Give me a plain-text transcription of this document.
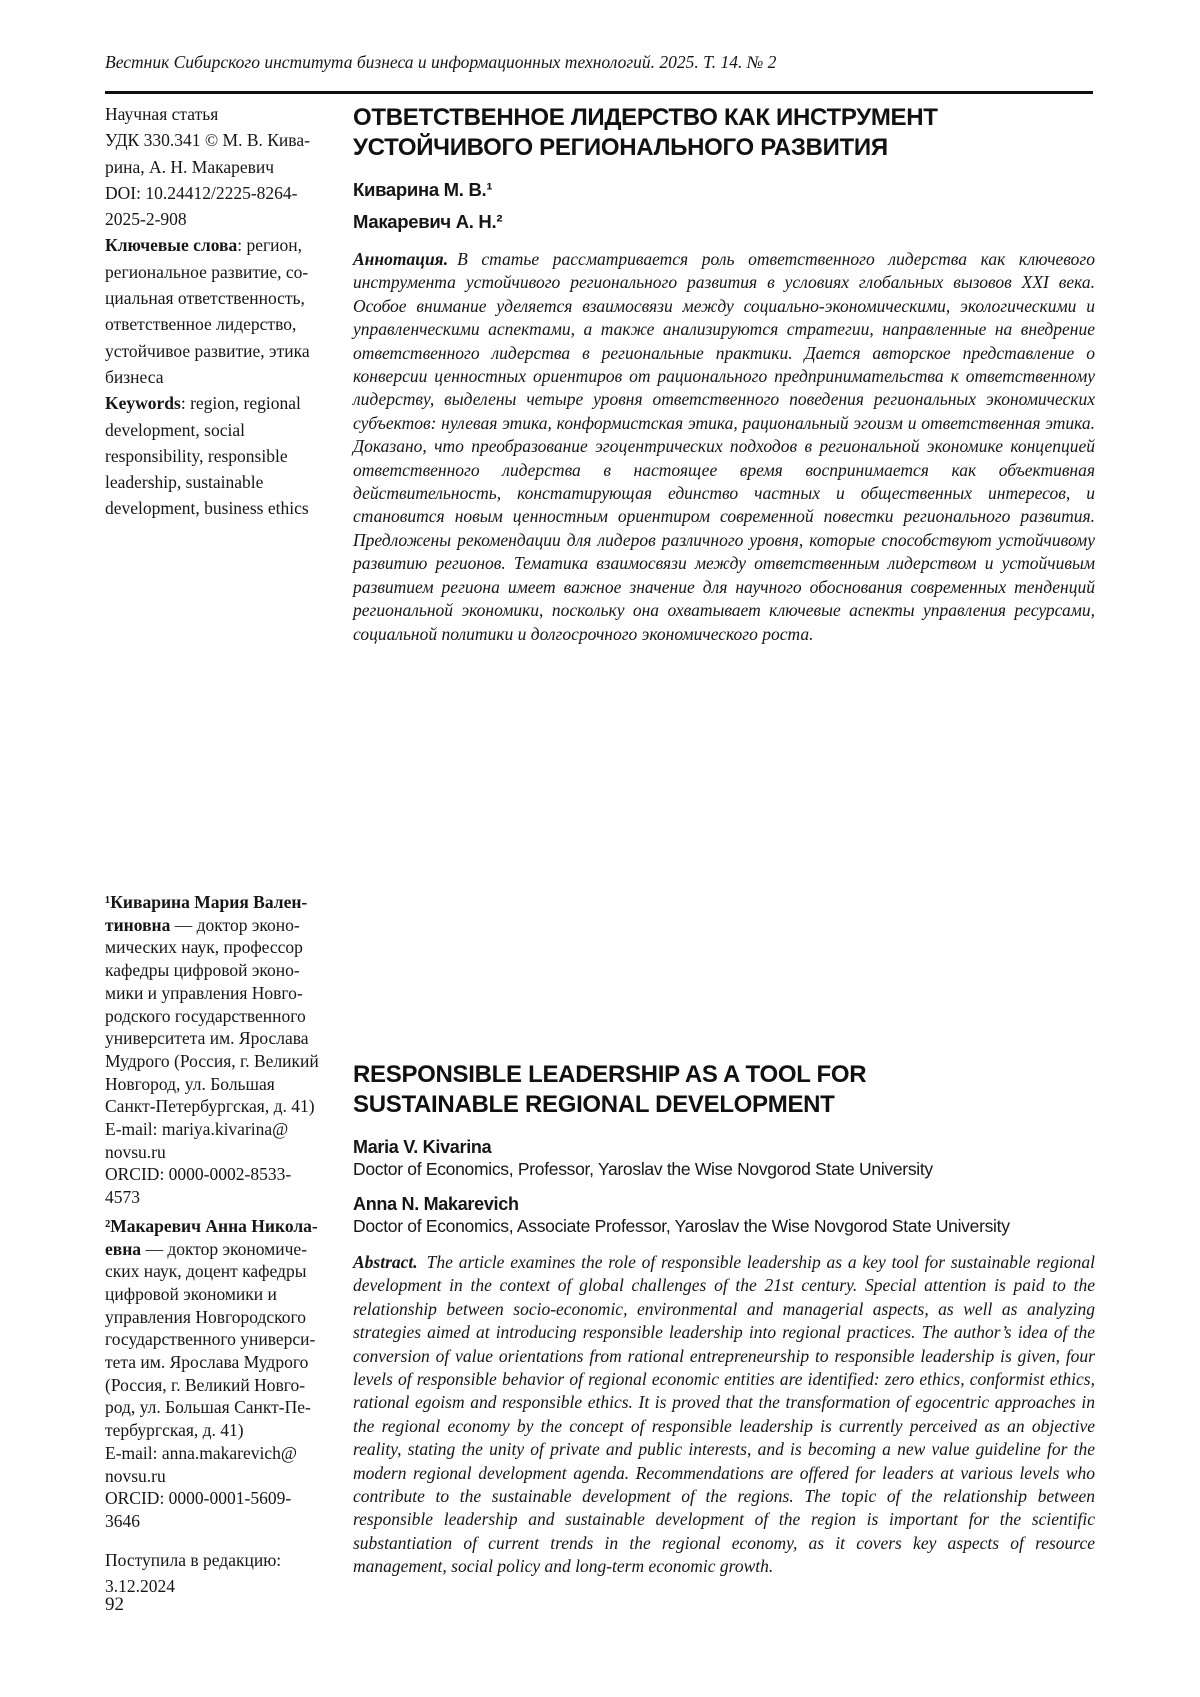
Вестник Сибирского института бизнеса и информационных технологий. 2025. Т. 14. № 2

Научная статья

УДК 330.341 © М. В. Кива-
рина, А. Н. Макаревич

DOI: 10.24412/2225-8264-
2025-2-908

Ключевые слова: регион,
региональное развитие, со-
циальная ответственность,
ответственное лидерство,
устойчивое развитие, этика
бизнеса

Keywords: region, regional
development, social
responsibility, responsible
leadership, sustainable
development, business ethics

¹Киварина Мария Вален-
тиновна — доктор эконо-
мических наук, профессор
кафедры цифровой эконо-
мики и управления Новго-
родского государственного
университета им. Ярослава
Мудрого (Россия, г. Великий
Новгород, ул. Большая
Санкт-Петербургская, д. 41)
E-mail: mariya.kivarina@
novsu.ru
ORCID: 0000-0002-8533-
4573

²Макаревич Анна Никола-
евна — доктор экономиче-
ских наук, доцент кафедры
цифровой экономики и
управления Новгородского
государственного универси-
тета им. Ярослава Мудрого
(Россия, г. Великий Новго-
род, ул. Большая Санкт-Пе-
тербургская, д. 41)
E-mail: anna.makarevich@
novsu.ru
ORCID: 0000-0001-5609-
3646

Поступила в редакцию:
3.12.2024

92
ОТВЕТСТВЕННОЕ ЛИДЕРСТВО КАК ИНСТРУМЕНТ
УСТОЙЧИВОГО РЕГИОНАЛЬНОГО РАЗВИТИЯ

Киварина М. В.¹

Макаревич А. Н.²

Аннотация. В статье рассматривается роль ответственного лидерства как ключевого инструмента устойчивого регионального развития в условиях глобальных вызовов XXI века. Особое внимание уделяется взаимосвязи между социально-экономическими, экологическими и управленческими аспектами, а также анализируются стратегии, направленные на внедрение ответственного лидерства в региональные практики. Дается авторское представление о конверсии ценностных ориентиров от рационального предпринимательства к ответственному лидерству, выделены четыре уровня ответственного поведения региональных экономических субъектов: нулевая этика, конформистская этика, рациональный эгоизм и ответственная этика. Доказано, что преобразование эгоцентрических подходов в региональной экономике концепцией ответственного лидерства в настоящее время воспринимается как объективная действительность, констатирующая единство частных и общественных интересов, и становится новым ценностным ориентиром современной повестки регионального развития. Предложены рекомендации для лидеров различного уровня, которые способствуют устойчивому развитию регионов. Тематика взаимосвязи между ответственным лидерством и устойчивым развитием региона имеет важное значение для научного обоснования современных тенденций региональной экономики, поскольку она охватывает ключевые аспекты управления ресурсами, социальной политики и долгосрочного экономического роста.

RESPONSIBLE LEADERSHIP AS A TOOL FOR
SUSTAINABLE REGIONAL DEVELOPMENT

Maria V. Kivarina

Doctor of Economics, Professor, Yaroslav the Wise Novgorod State University

Anna N. Makarevich

Doctor of Economics, Associate Professor, Yaroslav the Wise Novgorod State University

Abstract. The article examines the role of responsible leadership as a key tool for sustainable regional development in the context of global challenges of the 21st century. Special attention is paid to the relationship between socio-economic, environmental and managerial aspects, as well as analyzing strategies aimed at introducing responsible leadership into regional practices. The author’s idea of the conversion of value orientations from rational entrepreneurship to responsible leadership is given, four levels of responsible behavior of regional economic entities are identified: zero ethics, conformist ethics, rational egoism and responsible ethics. It is proved that the transformation of egocentric approaches in the regional economy by the concept of responsible leadership is currently perceived as an objective reality, stating the unity of private and public interests, and is becoming a new value guideline for the modern regional development agenda. Recommendations are offered for leaders at various levels who contribute to the sustainable development of the regions. The topic of the relationship between responsible leadership and sustainable development of the region is important for the scientific substantiation of current trends in the regional economy, as it covers key aspects of resource management, social policy and long-term economic growth.
